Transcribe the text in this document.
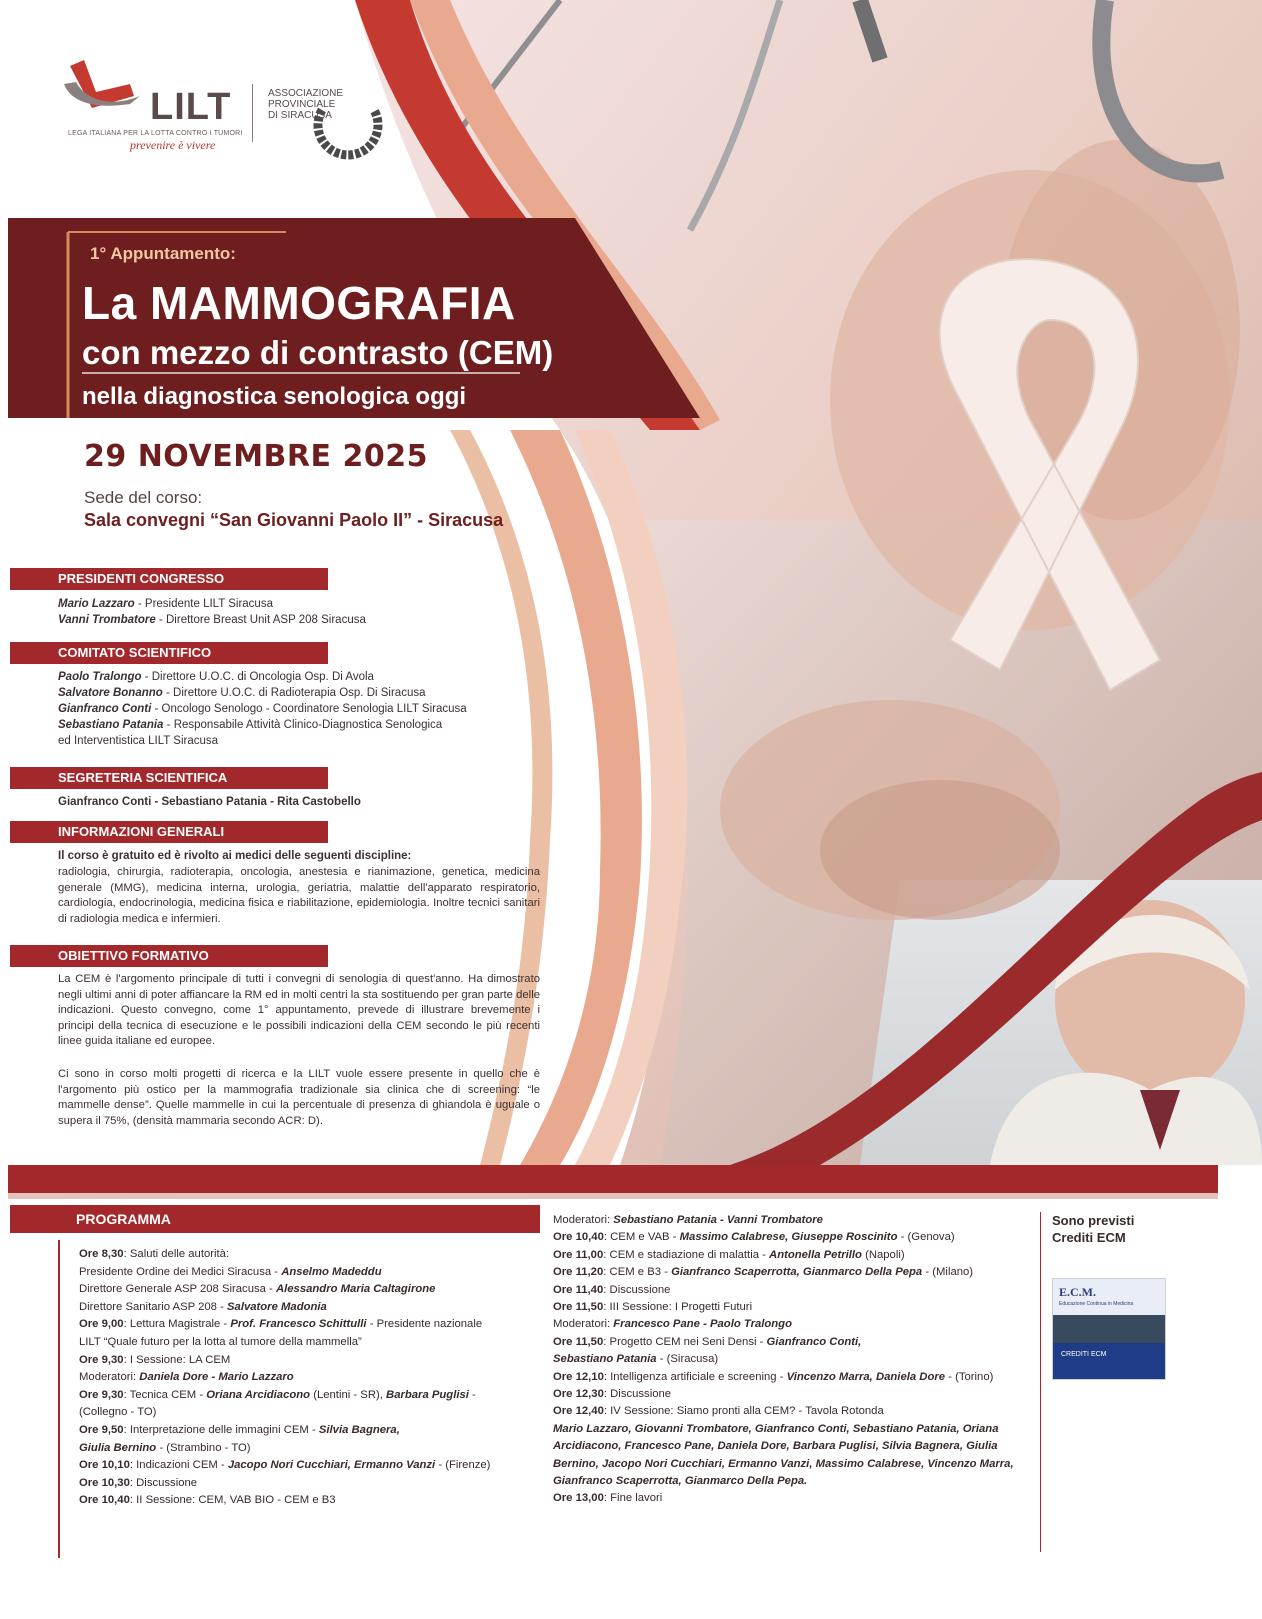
LILT
LEGA ITALIANA PER LA LOTTA CONTRO I TUMORI
prevenire è vivere
ASSOCIAZIONE
PROVINCIALE
DI SIRACUSA
1° Appuntamento:
La MAMMOGRAFIA
con mezzo di contrasto (CEM)
nella diagnostica senologica oggi
29 NOVEMBRE 2025
Sede del corso:
Sala convegni “San Giovanni Paolo II” - Siracusa
PRESIDENTI CONGRESSO
Mario Lazzaro - Presidente LILT Siracusa
Vanni Trombatore - Direttore Breast Unit ASP 208 Siracusa
COMITATO SCIENTIFICO
Paolo Tralongo - Direttore U.O.C. di Oncologia Osp. Di Avola
Salvatore Bonanno - Direttore U.O.C. di Radioterapia Osp. Di Siracusa
Gianfranco Conti - Oncologo Senologo - Coordinatore Senologia LILT Siracusa
Sebastiano Patania - Responsabile Attività Clinico-Diagnostica Senologica
ed Interventistica LILT Siracusa
SEGRETERIA SCIENTIFICA
Gianfranco Conti - Sebastiano Patania - Rita Castobello
INFORMAZIONI GENERALI
Il corso è gratuito ed è rivolto ai medici delle seguenti discipline:
radiologia, chirurgia, radioterapia, oncologia, anestesia e rianimazione, genetica, medicina generale (MMG), medicina interna, urologia, geriatria, malattie dell'apparato respiratorio, cardiologia, endocrinologia, medicina fisica e riabilitazione, epidemiologia. Inoltre tecnici sanitari di radiologia medica e infermieri.
OBIETTIVO FORMATIVO
La CEM è l'argomento principale di tutti i convegni di senologia di quest'anno. Ha dimostrato negli ultimi anni di poter affiancare la RM ed in molti centri la sta sostituendo per gran parte delle indicazioni. Questo convegno, come 1° appuntamento, prevede di illustrare brevemente i principi della tecnica di esecuzione e le possibili indicazioni della CEM secondo le più recenti linee guida italiane ed europee.
Ci sono in corso molti progetti di ricerca e la LILT vuole essere presente in quello che è l'argomento più ostico per la mammografia tradizionale sia clinica che di screening: “le mammelle dense”. Quelle mammelle in cui la percentuale di presenza di ghiandola è uguale o supera il 75%, (densità mammaria secondo ACR: D).
PROGRAMMA
Ore 8,30: Saluti delle autorità:
Presidente Ordine dei Medici Siracusa - Anselmo Madeddu
Direttore Generale ASP 208 Siracusa - Alessandro Maria Caltagirone
Direttore Sanitario ASP 208 - Salvatore Madonia
Ore 9,00: Lettura Magistrale - Prof. Francesco Schittulli - Presidente nazionale
LILT “Quale futuro per la lotta al tumore della mammella”
Ore 9,30: I Sessione: LA CEM
Moderatori: Daniela Dore - Mario Lazzaro
Ore 9,30: Tecnica CEM - Oriana Arcidiacono (Lentini - SR), Barbara Puglisi -
(Collegno - TO)
Ore 9,50: Interpretazione delle immagini CEM - Silvia Bagnera,
Giulia Bernino - (Strambino - TO)
Ore 10,10: Indicazioni CEM - Jacopo Nori Cucchiari, Ermanno Vanzi - (Firenze)
Ore 10,30: Discussione
Ore 10,40: II Sessione: CEM, VAB BIO - CEM e B3
Moderatori: Sebastiano Patania - Vanni Trombatore
Ore 10,40: CEM e VAB - Massimo Calabrese, Giuseppe Roscinito - (Genova)
Ore 11,00: CEM e stadiazione di malattia - Antonella Petrillo (Napoli)
Ore 11,20: CEM e B3 - Gianfranco Scaperrotta, Gianmarco Della Pepa - (Milano)
Ore 11,40: Discussione
Ore 11,50: III Sessione: I Progetti Futuri
Moderatori: Francesco Pane - Paolo Tralongo
Ore 11,50: Progetto CEM nei Seni Densi - Gianfranco Conti,
Sebastiano Patania - (Siracusa)
Ore 12,10: Intelligenza artificiale e screening - Vincenzo Marra, Daniela Dore - (Torino)
Ore 12,30: Discussione
Ore 12,40: IV Sessione: Siamo pronti alla CEM? - Tavola Rotonda
Mario Lazzaro, Giovanni Trombatore, Gianfranco Conti, Sebastiano Patania, Oriana
Arcidiacono, Francesco Pane, Daniela Dore, Barbara Puglisi, Silvia Bagnera, Giulia
Bernino, Jacopo Nori Cucchiari, Ermanno Vanzi, Massimo Calabrese, Vincenzo Marra,
Gianfranco Scaperrotta, Gianmarco Della Pepa.
Ore 13,00: Fine lavori
Sono previsti
Crediti ECM
E.C.M.
Educazione Continua in Medicina
CREDITI ECM
